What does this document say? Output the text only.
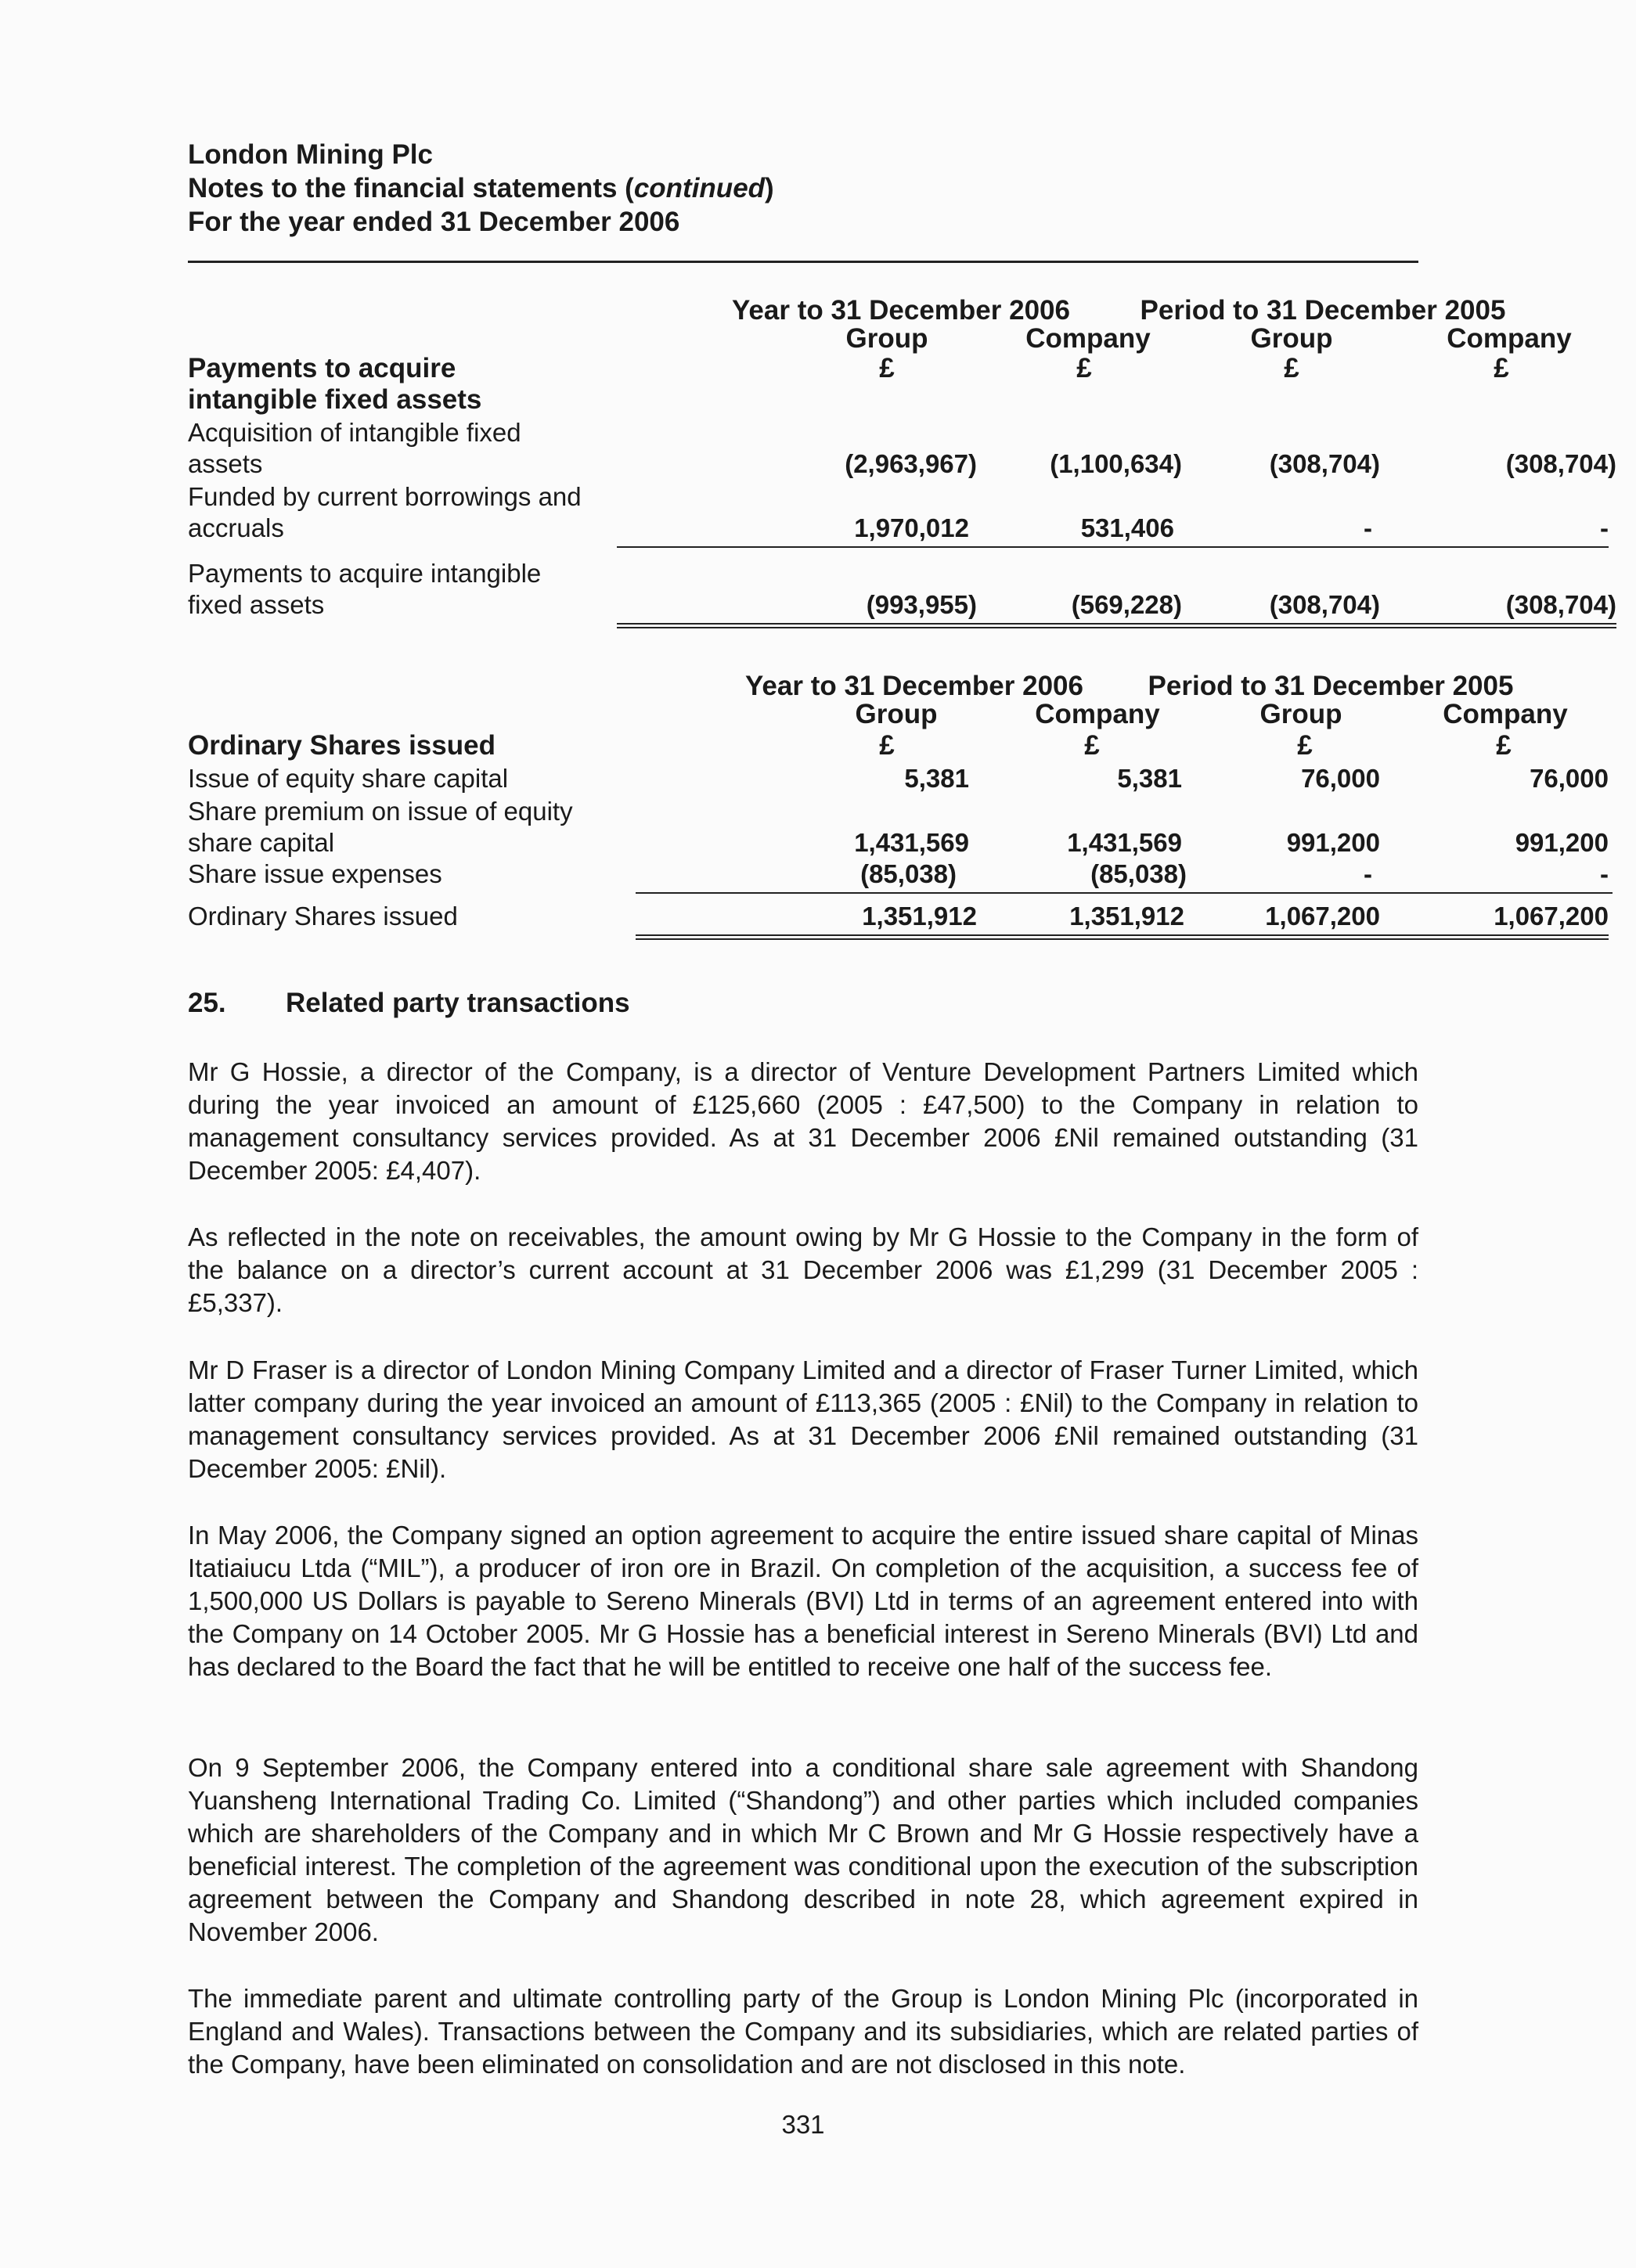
London Mining Plc
Notes to the financial statements (continued)
For the year ended 31 December 2006
Year to 31 December 2006	Period to 31 December 2005
Group	Company	Group	Company
Payments to acquire	£	£	£	£
intangible fixed assets
Acquisition of intangible fixed
assets	(2,963,967)	(1,100,634)	(308,704)	(308,704)
Funded by current borrowings and
accruals	1,970,012	531,406	-	-
Payments to acquire intangible
fixed assets	(993,955)	(569,228)	(308,704)	(308,704)
Year to 31 December 2006	Period to 31 December 2005
Group	Company	Group	Company
Ordinary Shares issued	£	£	£	£
Issue of equity share capital	5,381	5,381	76,000	76,000
Share premium on issue of equity
share capital	1,431,569	1,431,569	991,200	991,200
Share issue expenses	(85,038)	(85,038)	-	-
Ordinary Shares issued	1,351,912	1,351,912	1,067,200	1,067,200
25. Related party transactions
Mr G Hossie, a director of the Company, is a director of Venture Development Partners Limited which during the year invoiced an amount of £125,660 (2005 : £47,500) to the Company in relation to management consultancy services provided. As at 31 December 2006 £Nil remained outstanding (31 December 2005: £4,407).
As reflected in the note on receivables, the amount owing by Mr G Hossie to the Company in the form of the balance on a director’s current account at 31 December 2006 was £1,299 (31 December 2005 : £5,337).
Mr D Fraser is a director of London Mining Company Limited and a director of Fraser Turner Limited, which latter company during the year invoiced an amount of £113,365 (2005 : £Nil) to the Company in relation to management consultancy services provided. As at 31 December 2006 £Nil remained outstanding (31 December 2005: £Nil).
In May 2006, the Company signed an option agreement to acquire the entire issued share capital of Minas Itatiaiucu Ltda (“MIL”), a producer of iron ore in Brazil. On completion of the acquisition, a success fee of 1,500,000 US Dollars is payable to Sereno Minerals (BVI) Ltd in terms of an agreement entered into with the Company on 14 October 2005. Mr G Hossie has a beneficial interest in Sereno Minerals (BVI) Ltd and has declared to the Board the fact that he will be entitled to receive one half of the success fee.
On 9 September 2006, the Company entered into a conditional share sale agreement with Shandong Yuansheng International Trading Co. Limited (“Shandong”) and other parties which included companies which are shareholders of the Company and in which Mr C Brown and Mr G Hossie respectively have a beneficial interest. The completion of the agreement was conditional upon the execution of the subscription agreement between the Company and Shandong described in note 28, which agreement expired in November 2006.
The immediate parent and ultimate controlling party of the Group is London Mining Plc (incorporated in England and Wales). Transactions between the Company and its subsidiaries, which are related parties of the Company, have been eliminated on consolidation and are not disclosed in this note.
331
